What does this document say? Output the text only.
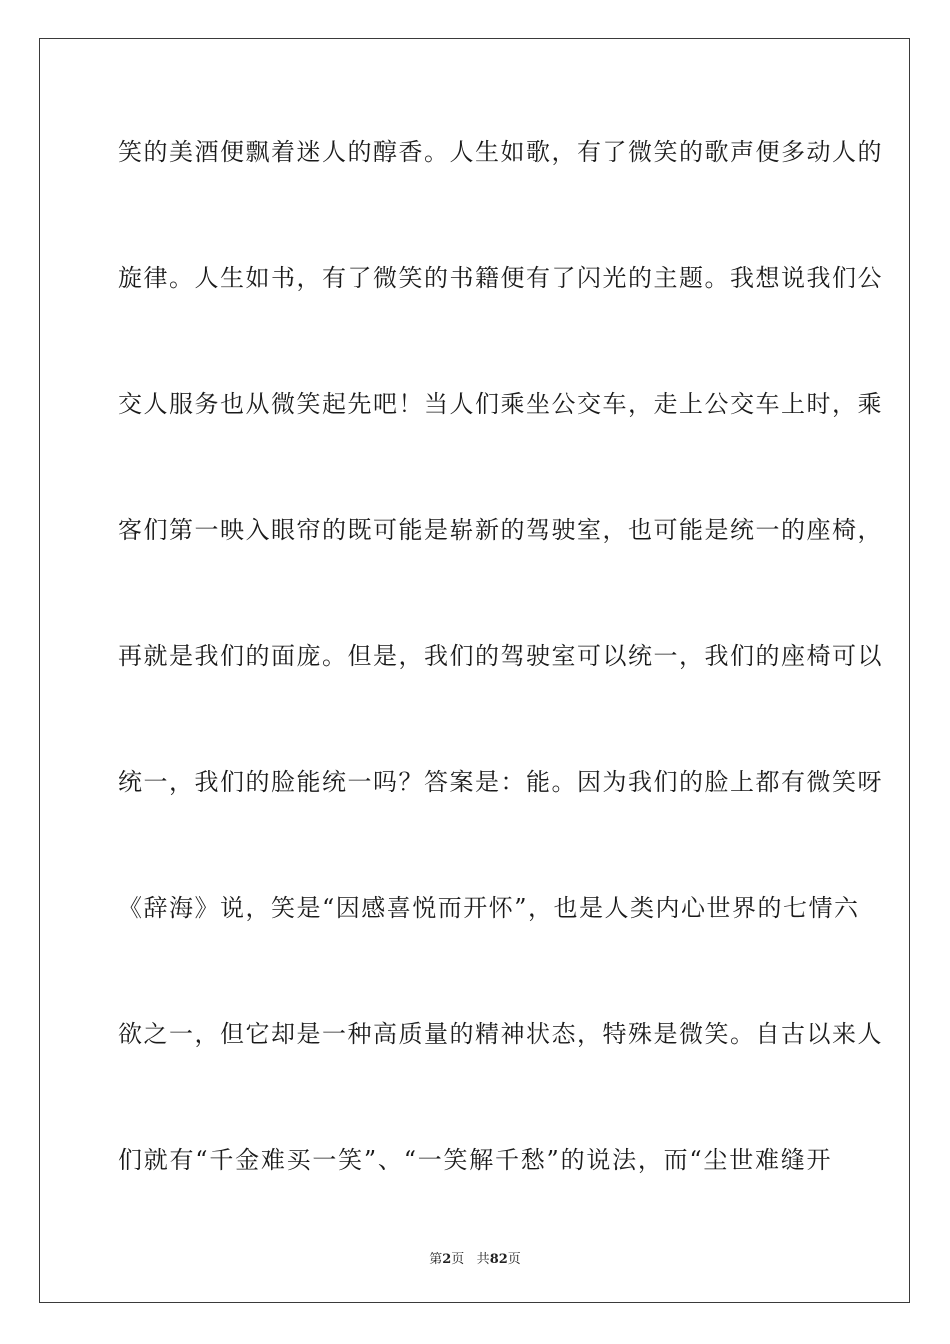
笑的美酒便飘着迷人的醇香。人生如歌，有了微笑的歌声便多动人的
旋律。人生如书，有了微笑的书籍便有了闪光的主题。我想说我们公
交人服务也从微笑起先吧！当人们乘坐公交车，走上公交车上时，乘
客们第一映入眼帘的既可能是崭新的驾驶室，也可能是统一的座椅，
再就是我们的面庞。但是，我们的驾驶室可以统一，我们的座椅可以
统一，我们的脸能统一吗？答案是：能。因为我们的脸上都有微笑呀
《辞海》说，笑是“因感喜悦而开怀”，也是人类内心世界的七情六
欲之一，但它却是一种高质量的精神状态，特殊是微笑。自古以来人
们就有“千金难买一笑”、“一笑解千愁”的说法，而“尘世难缝开
第2页 共82页
